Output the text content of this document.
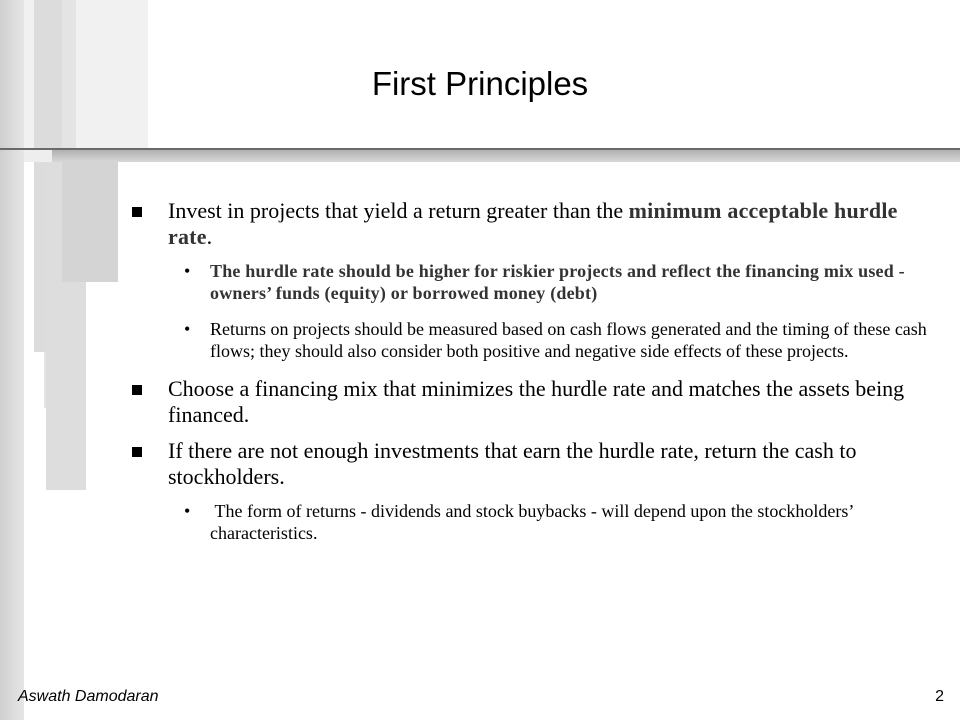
First Principles
Invest in projects that yield a return greater than the minimum acceptable hurdle rate.
• The hurdle rate should be higher for riskier projects and reflect the financing mix used - owners’ funds (equity) or borrowed money (debt)
• Returns on projects should be measured based on cash flows generated and the timing of these cash flows; they should also consider both positive and negative side effects of these projects.
Choose a financing mix that minimizes the hurdle rate and matches the assets being financed.
If there are not enough investments that earn the hurdle rate, return the cash to stockholders.
• The form of returns - dividends and stock buybacks - will depend upon the stockholders’ characteristics.
Aswath Damodaran	2
